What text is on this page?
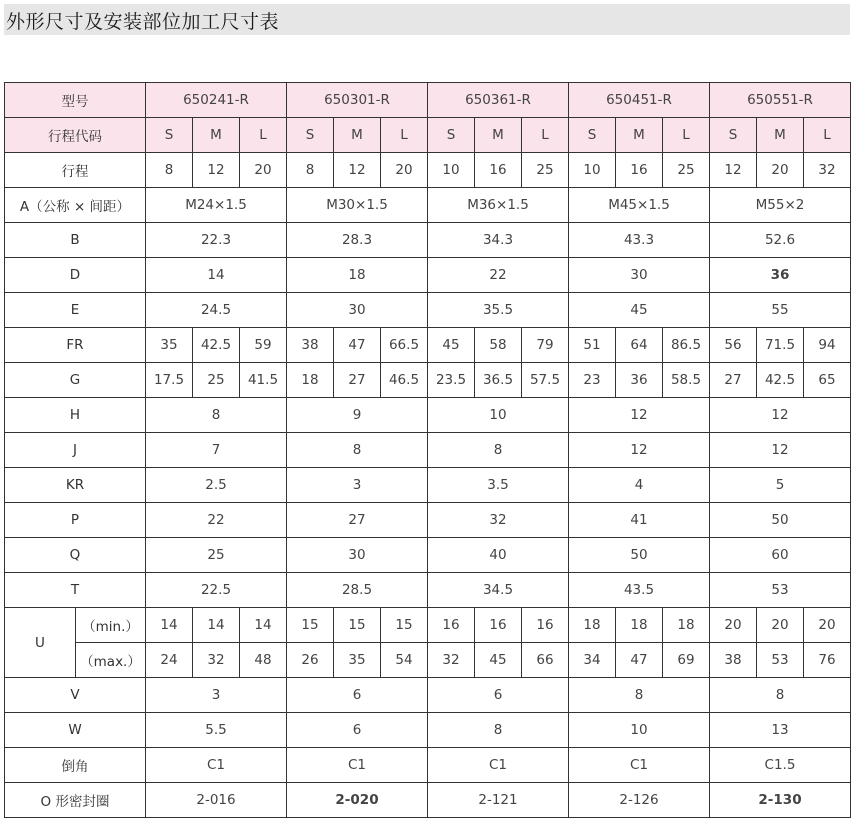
外形尺寸及安装部位加工尺寸表
型号		650241-R			650301-R			650361-R			650451-R			650551-R		
行程代码		S	M	L	S	M	L	S	M	L	S	M	L	S	M	L
行程		8	12	20	8	12	20	10	16	25	10	16	25	12	20	32
A（公称 × 间距）		M24×1.5			M30×1.5			M36×1.5			M45×1.5			M55×2		
B		22.3			28.3			34.3			43.3			52.6		
D		14			18			22			30			36		
E		24.5			30			35.5			45			55		
FR		35	42.5	59	38	47	66.5	45	58	79	51	64	86.5	56	71.5	94
G		17.5	25	41.5	18	27	46.5	23.5	36.5	57.5	23	36	58.5	27	42.5	65
H		8			9			10			12			12		
J		7			8			8			12			12		
KR		2.5			3			3.5			4			5		
P		22			27			32			41			50		
Q		25			30			40			50			60		
T		22.5			28.5			34.5			43.5			53		
U	（min.）	14	14	14	15	15	15	16	16	16	18	18	18	20	20	20
	（max.）	24	32	48	26	35	54	32	45	66	34	47	69	38	53	76
V		3			6			6			8			8		
W		5.5			6			8			10			13		
倒角		C1			C1			C1			C1			C1.5		
O 形密封圈		2-016			2-020			2-121			2-126			2-130		
